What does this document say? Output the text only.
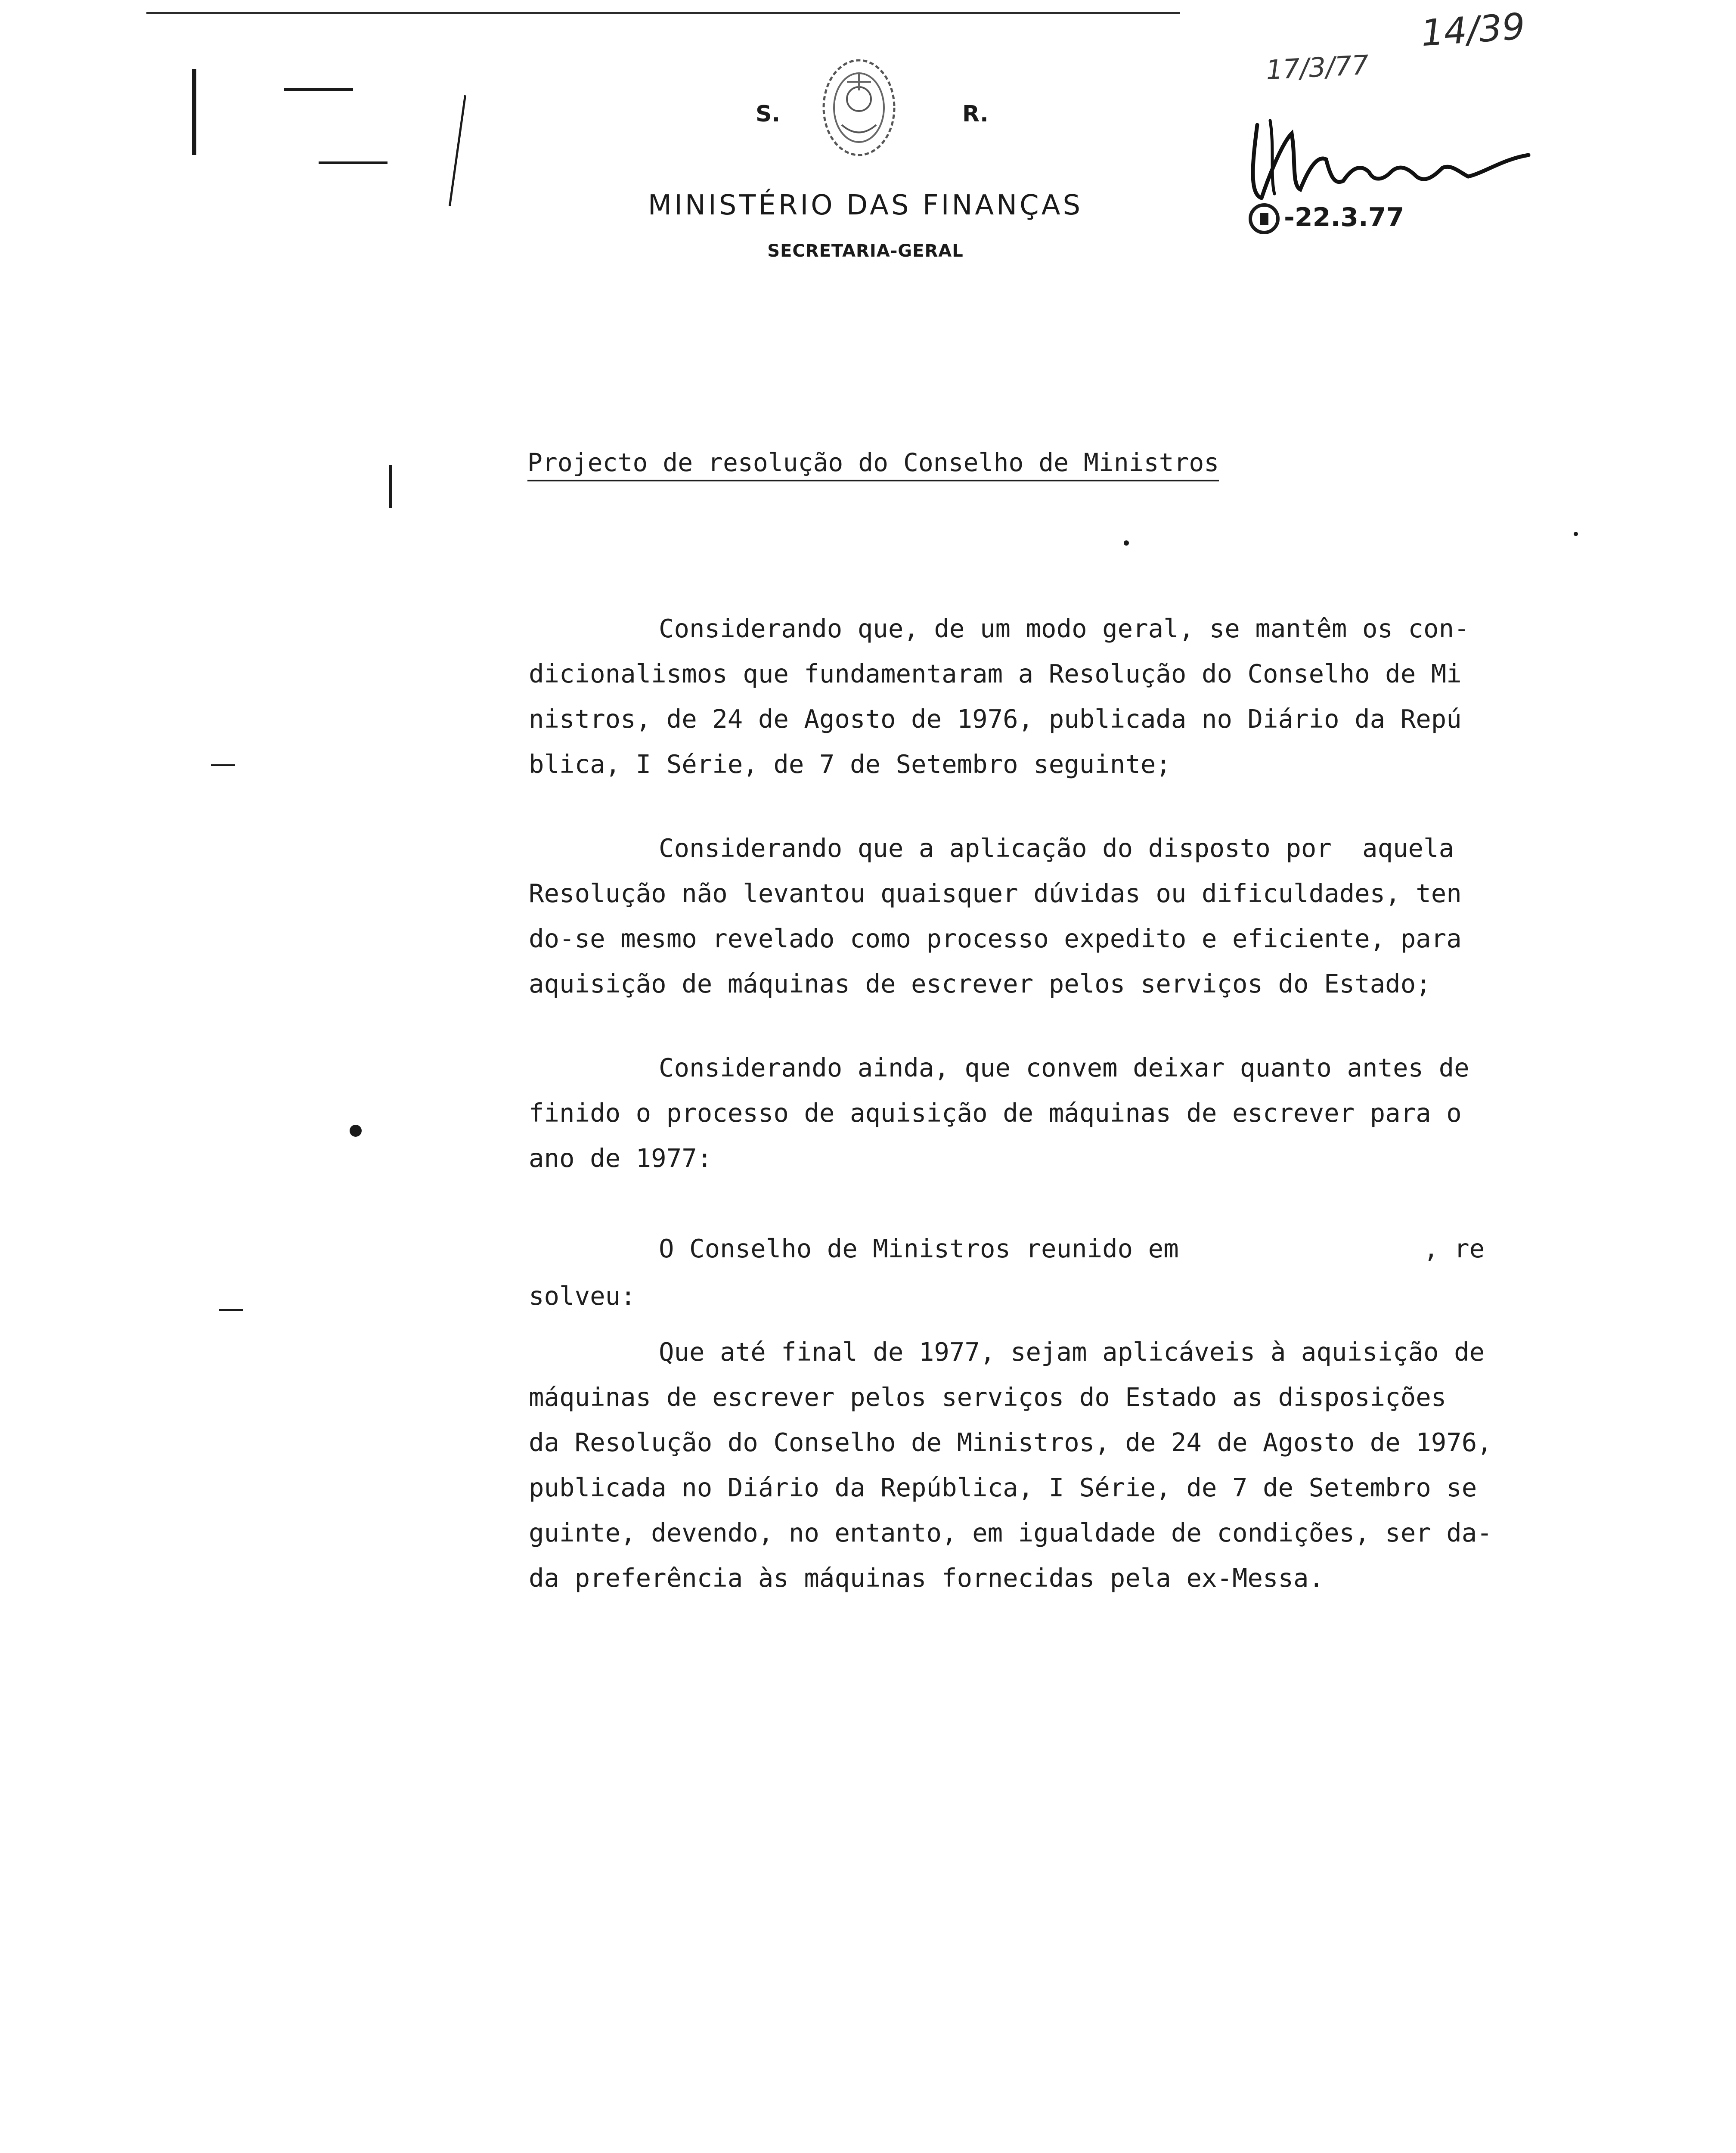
S.	R.
MINISTÉRIO DAS FINANÇAS
SECRETARIA-GERAL
14/39
17/3/77
-22.3.77
Projecto de resolução do Conselho de Ministros
Considerando que, de um modo geral, se mantêm os con-
dicionalismos que fundamentaram a Resolução do Conselho de Mi
nistros, de 24 de Agosto de 1976, publicada no Diário da Repú
blica, I Série, de 7 de Setembro seguinte;
Considerando que a aplicação do disposto por  aquela
Resolução não levantou quaisquer dúvidas ou dificuldades, ten
do-se mesmo revelado como processo expedito e eficiente, para
aquisição de máquinas de escrever pelos serviços do Estado;
Considerando ainda, que convem deixar quanto antes de
finido o processo de aquisição de máquinas de escrever para o
ano de 1977:
O Conselho de Ministros reunido em                , re
solveu:
Que até final de 1977, sejam aplicáveis à aquisição de
máquinas de escrever pelos serviços do Estado as disposições
da Resolução do Conselho de Ministros, de 24 de Agosto de 1976,
publicada no Diário da República, I Série, de 7 de Setembro se
guinte, devendo, no entanto, em igualdade de condições, ser da-
da preferência às máquinas fornecidas pela ex-Messa.
